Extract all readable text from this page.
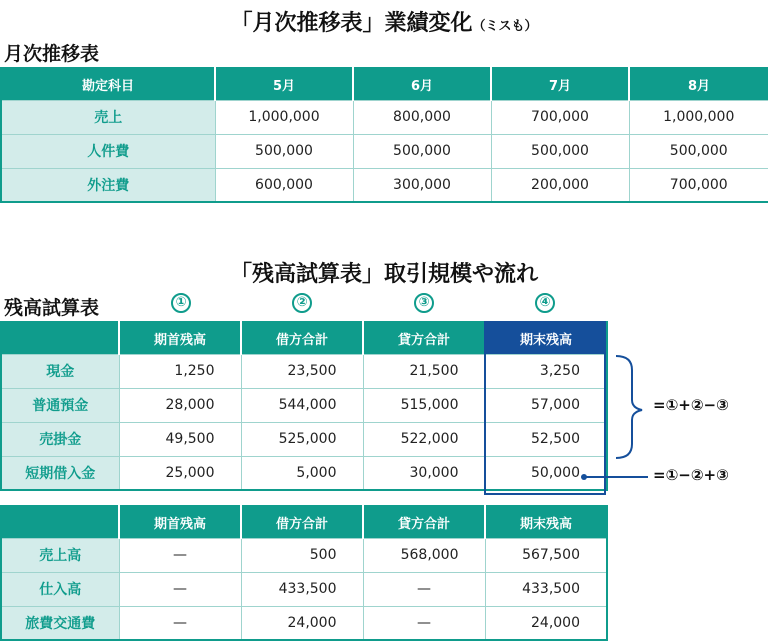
「月次推移表」業績変化（ミスも）
月次推移表
勘定科目	5月	6月	7月	8月
売上	1,000,000	800,000	700,000	1,000,000
人件費	500,000	500,000	500,000	500,000
外注費	600,000	300,000	200,000	700,000
「残高試算表」取引規模や流れ
残高試算表	①	②	③	④
	期首残高	借方合計	貸方合計	期末残高
現金	1,250	23,500	21,500	3,250
普通預金	28,000	544,000	515,000	57,000
売掛金	49,500	525,000	522,000	52,500
短期借入金	25,000	5,000	30,000	50,000
=①+②−③
=①−②+③
	期首残高	借方合計	貸方合計	期末残高
売上高	—	500	568,000	567,500
仕入高	—	433,500	—	433,500
旅費交通費	—	24,000	—	24,000
